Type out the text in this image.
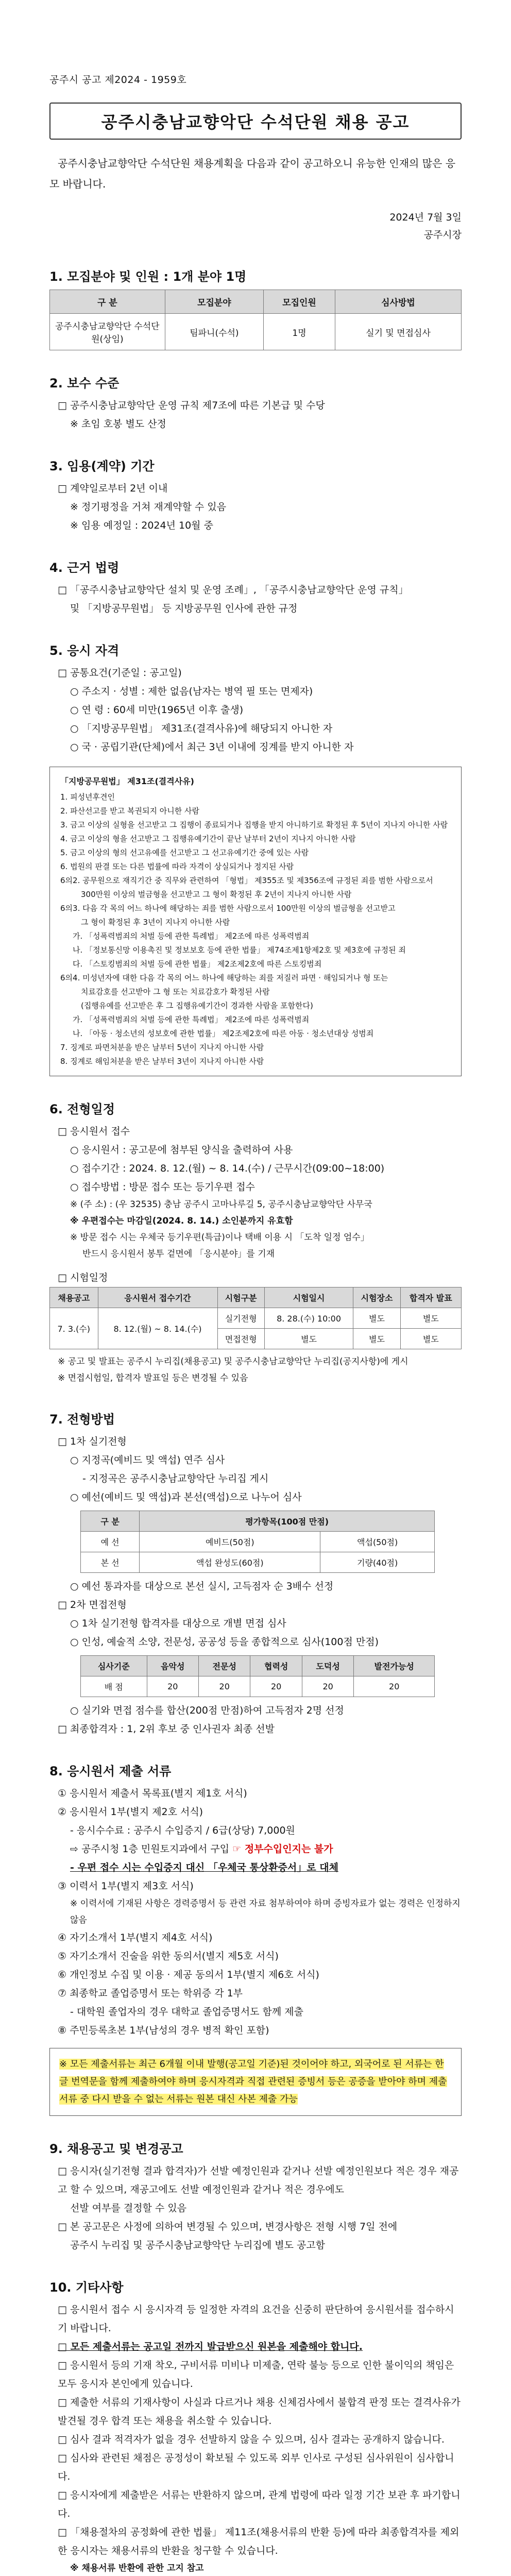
공주시 공고 제2024 - 1959호
공주시충남교향악단 수석단원 채용 공고
공주시충남교향악단 수석단원 채용계획을 다음과 같이 공고하오니 유능한 인재의 많은 응모 바랍니다.
2024년 7월 3일
공주시장
1. 모집분야 및 인원 : 1개 분야 1명
구 분	모집분야	모집인원	심사방법
공주시충남교향악단 수석단원(상임)	팀파니(수석)	1명	실기 및 면접심사
2. 보수 수준
□ 공주시충남교향악단 운영 규칙 제7조에 따른 기본급 및 수당
※ 초임 호봉 별도 산정
3. 임용(계약) 기간
□ 계약일로부터 2년 이내
※ 정기평정을 거쳐 재계약할 수 있음
※ 임용 예정일 : 2024년 10월 중
4. 근거 법령
□ 「공주시충남교향악단 설치 및 운영 조례」, 「공주시충남교향악단 운영 규칙」
및 「지방공무원법」 등 지방공무원 인사에 관한 규정
5. 응시 자격
□ 공통요건(기준일 : 공고일)
○ 주소지 · 성별 : 제한 없음(남자는 병역 필 또는 면제자)
○ 연 령 : 60세 미만(1965년 이후 출생)
○ 「지방공무원법」 제31조(결격사유)에 해당되지 아니한 자
○ 국 · 공립기관(단체)에서 최근 3년 이내에 징계를 받지 아니한 자
「지방공무원법」 제31조(결격사유)
1. 피성년후견인
2. 파산선고를 받고 복권되지 아니한 사람
3. 금고 이상의 실형을 선고받고 그 집행이 종료되거나 집행을 받지 아니하기로 확정된 후 5년이 지나지 아니한 사람
4. 금고 이상의 형을 선고받고 그 집행유예기간이 끝난 날부터 2년이 지나지 아니한 사람
5. 금고 이상의 형의 선고유예를 선고받고 그 선고유예기간 중에 있는 사람
6. 법원의 판결 또는 다른 법률에 따라 자격이 상실되거나 정지된 사람
6의2. 공무원으로 재직기간 중 직무와 관련하여 「형법」 제355조 및 제356조에 규정된 죄를 범한 사람으로서
300만원 이상의 벌금형을 선고받고 그 형이 확정된 후 2년이 지나지 아니한 사람
6의3. 다음 각 목의 어느 하나에 해당하는 죄를 범한 사람으로서 100만원 이상의 벌금형을 선고받고
그 형이 확정된 후 3년이 지나지 아니한 사람
가. 「성폭력범죄의 처벌 등에 관한 특례법」 제2조에 따른 성폭력범죄
나. 「정보통신망 이용촉진 및 정보보호 등에 관한 법률」 제74조제1항제2호 및 제3호에 규정된 죄
다. 「스토킹범죄의 처벌 등에 관한 법률」 제2조제2호에 따른 스토킹범죄
6의4. 미성년자에 대한 다음 각 목의 어느 하나에 해당하는 죄를 저질러 파면 · 해임되거나 형 또는
치료감호를 선고받아 그 형 또는 치료감호가 확정된 사람
(집행유예를 선고받은 후 그 집행유예기간이 경과한 사람을 포함한다)
가. 「성폭력범죄의 처벌 등에 관한 특례법」 제2조에 따른 성폭력범죄
나. 「아동 · 청소년의 성보호에 관한 법률」 제2조제2호에 따른 아동 · 청소년대상 성범죄
7. 징계로 파면처분을 받은 날부터 5년이 지나지 아니한 사람
8. 징계로 해임처분을 받은 날부터 3년이 지나지 아니한 사람
6. 전형일정
□ 응시원서 접수
○ 응시원서 : 공고문에 첨부된 양식을 출력하여 사용
○ 접수기간 : 2024. 8. 12.(월) ~ 8. 14.(수) / 근무시간(09:00~18:00)
○ 접수방법 : 방문 접수 또는 등기우편 접수
※ (주 소) : (우 32535) 충남 공주시 고마나루길 5, 공주시충남교향악단 사무국
※ 우편접수는 마감일(2024. 8. 14.) 소인분까지 유효함
※ 방문 접수 시는 우체국 등기우편(특급)이나 택배 이용 시 「도착 일정 엄수」
반드시 응시원서 봉투 겉면에 「응시분야」를 기재
□ 시험일정
채용공고	응시원서 접수기간	시험구분	시험일시	시험장소	합격자 발표
7. 3.(수)	8. 12.(월) ~ 8. 14.(수)	실기전형	8. 28.(수) 10:00	별도	별도
		면접전형	별도	별도	별도
※ 공고 및 발표는 공주시 누리집(채용공고) 및 공주시충남교향악단 누리집(공지사항)에 게시
※ 면접시험일, 합격자 발표일 등은 변경될 수 있음
7. 전형방법
□ 1차 실기전형
○ 지정곡(예비드 및 액섭) 연주 심사
- 지정곡은 공주시충남교향악단 누리집 게시
○ 예선(예비드 및 액섭)과 본선(액섭)으로 나누어 심사
구 분	평가항목(100점 만점)	
예 선	예비드(50점)	액섭(50점)
본 선	액섭 완성도(60점)	기량(40점)
○ 예선 통과자를 대상으로 본선 실시, 고득점자 순 3배수 선정
□ 2차 면접전형
○ 1차 실기전형 합격자를 대상으로 개별 면접 심사
○ 인성, 예술적 소양, 전문성, 공공성 등을 종합적으로 심사(100점 만점)
심사기준	음악성	전문성	협력성	도덕성	발전가능성
배 점	20	20	20	20	20
○ 실기와 면접 점수를 합산(200점 만점)하여 고득점자 2명 선정
□ 최종합격자 : 1, 2위 후보 중 인사권자 최종 선발
8. 응시원서 제출 서류
① 응시원서 제출서 목록표(별지 제1호 서식)
② 응시원서 1부(별지 제2호 서식)
- 응시수수료 : 공주시 수입증지 / 6급(상당) 7,000원
⇨ 공주시청 1층 민원토지과에서 구입 ☞ 정부수입인지는 불가
- 우편 접수 시는 수입증지 대신 「우체국 통상환증서」로 대체
③ 이력서 1부(별지 제3호 서식)
※ 이력서에 기재된 사항은 경력증명서 등 관련 자료 첨부하여야 하며 증빙자료가 없는 경력은 인정하지 않음
④ 자기소개서 1부(별지 제4호 서식)
⑤ 자기소개서 진술을 위한 동의서(별지 제5호 서식)
⑥ 개인정보 수집 및 이용 · 제공 동의서 1부(별지 제6호 서식)
⑦ 최종학교 졸업증명서 또는 학위증 각 1부
- 대학원 졸업자의 경우 대학교 졸업증명서도 함께 제출
⑧ 주민등록초본 1부(남성의 경우 병적 확인 포함)
※ 모든 제출서류는 최근 6개월 이내 발행(공고일 기준)된 것이어야 하고, 외국어로 된 서류는 한글 번역문을 함께 제출하여야 하며 응시자격과 직접 관련된 증빙서 등은 공증을 받아야 하며 제출서류 중 다시 받을 수 없는 서류는 원본 대신 사본 제출 가능
9. 채용공고 및 변경공고
□ 응시자(실기전형 결과 합격자)가 선발 예정인원과 같거나 선발 예정인원보다 적은 경우 재공고 할 수 있으며, 재공고에도 선발 예정인원과 같거나 적은 경우에도
선발 여부를 결정할 수 있음
□ 본 공고문은 사정에 의하여 변경될 수 있으며, 변경사항은 전형 시행 7일 전에
공주시 누리집 및 공주시충남교향악단 누리집에 별도 공고함
10. 기타사항
□ 응시원서 접수 시 응시자격 등 일정한 자격의 요건을 신중히 판단하여 응시원서를 접수하시기 바랍니다.
□ 모든 제출서류는 공고일 전까지 발급받으신 원본을 제출해야 합니다.
□ 응시원서 등의 기재 착오, 구비서류 미비나 미제출, 연락 불능 등으로 인한 불이익의 책임은 모두 응시자 본인에게 있습니다.
□ 제출한 서류의 기재사항이 사실과 다르거나 채용 신체검사에서 불합격 판정 또는 결격사유가 발견될 경우 합격 또는 채용을 취소할 수 있습니다.
□ 심사 결과 적격자가 없을 경우 선발하지 않을 수 있으며, 심사 결과는 공개하지 않습니다.
□ 심사와 관련된 채점은 공정성이 확보될 수 있도록 외부 인사로 구성된 심사위원이 심사합니다.
□ 응시자에게 제출받은 서류는 반환하지 않으며, 관계 법령에 따라 일정 기간 보관 후 파기합니다.
□ 「채용절차의 공정화에 관한 법률」 제11조(채용서류의 반환 등)에 따라 최종합격자를 제외한 응시자는 채용서류의 반환을 청구할 수 있습니다.
※ 채용서류 반환에 관한 고지 참고
